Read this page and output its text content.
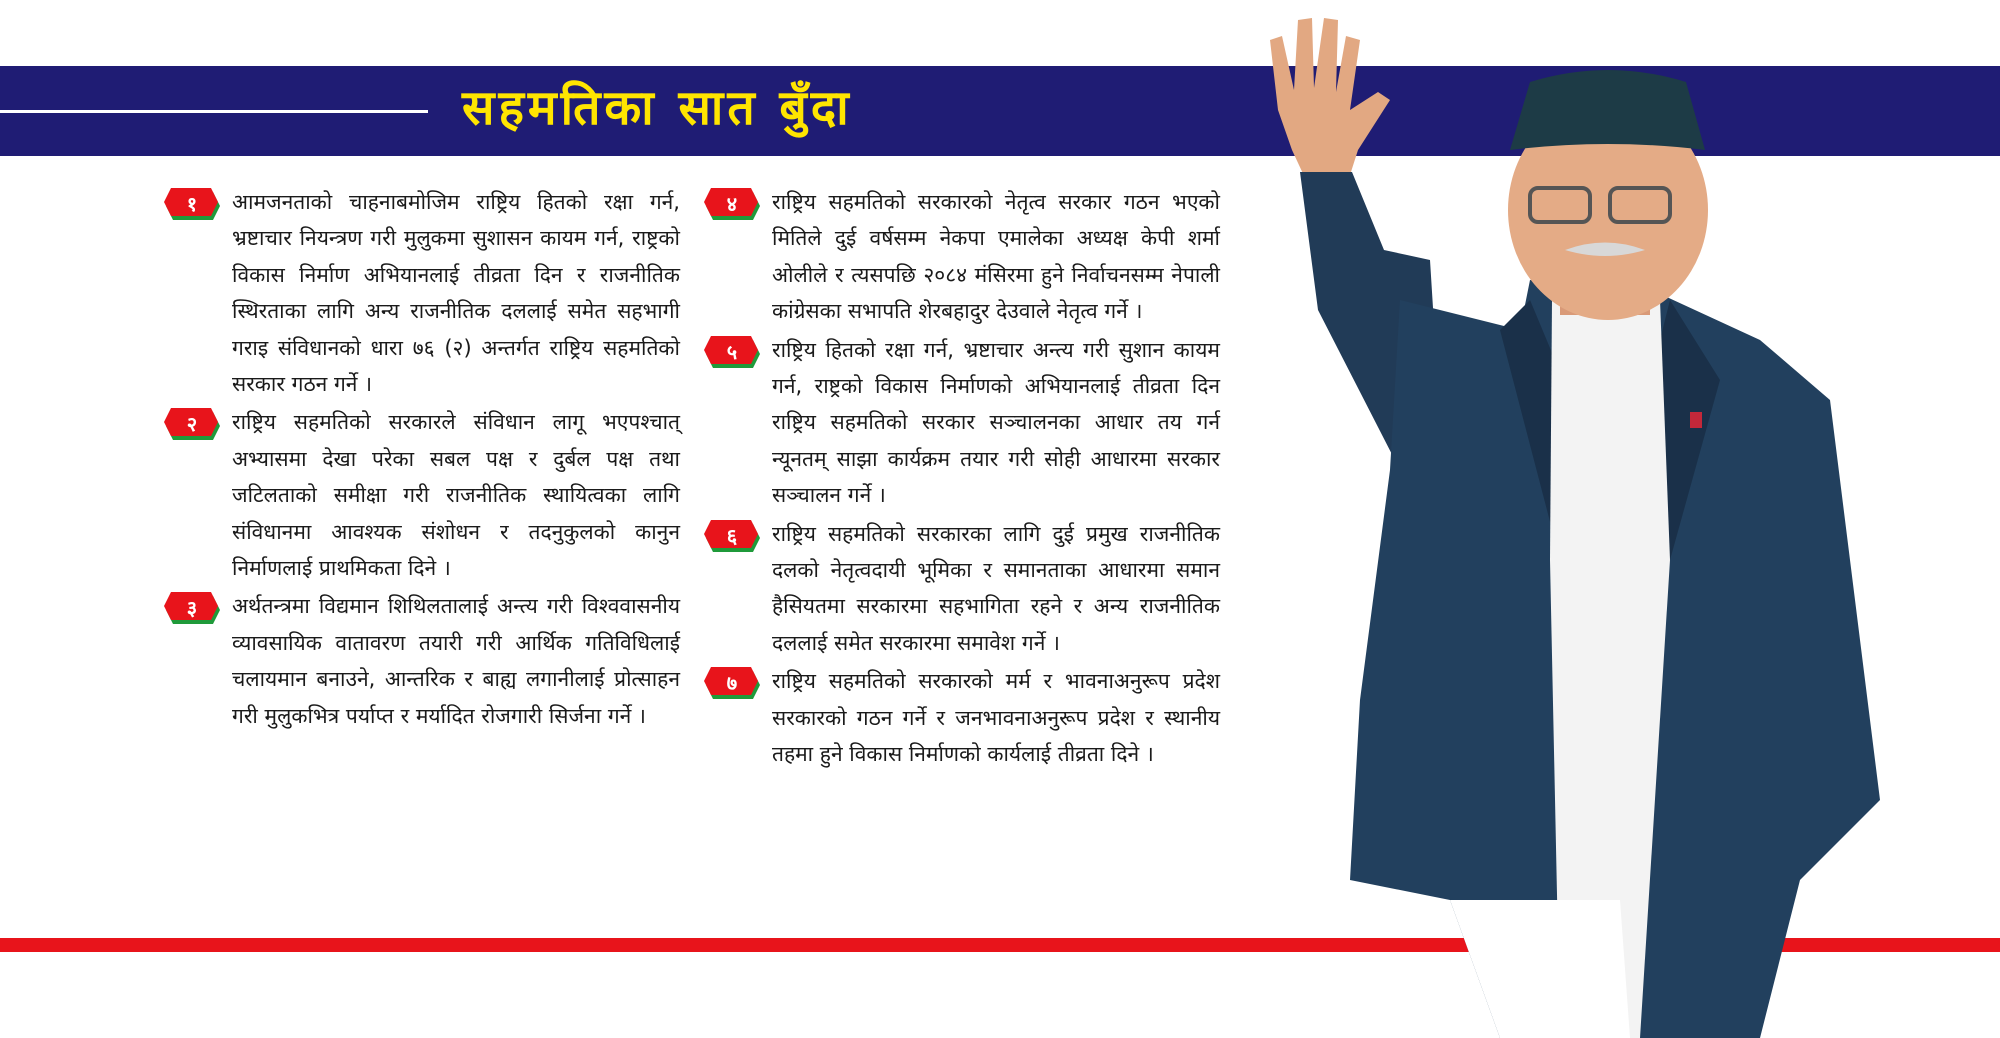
सहमतिका सात बुँदा
१	आमजनताको चाहनाबमोजिम राष्ट्रिय हितको रक्षा गर्न, भ्रष्टाचार नियन्त्रण गरी मुलुकमा सुशासन कायम गर्न, राष्ट्रको विकास निर्माण अभियानलाई तीव्रता दिन र राजनीतिक स्थिरताका लागि अन्य राजनीतिक दललाई समेत सहभागी गराइ संविधानको धारा ७६ (२) अन्तर्गत राष्ट्रिय सहमतिको सरकार गठन गर्ने ।

२	राष्ट्रिय सहमतिको सरकारले संविधान लागू भएपश्चात् अभ्यासमा देखा परेका सबल पक्ष र दुर्बल पक्ष तथा जटिलताको समीक्षा गरी राजनीतिक स्थायित्वका लागि संविधानमा आवश्यक संशोधन र तदनुकुलको कानुन निर्माणलाई प्राथमिकता दिने ।

३	अर्थतन्त्रमा विद्यमान शिथिलतालाई अन्त्य गरी विश्ववासनीय व्यावसायिक वातावरण तयारी गरी आर्थिक गतिविधिलाई चलायमान बनाउने, आन्तरिक र बाह्य लगानीलाई प्रोत्साहन गरी मुलुकभित्र पर्याप्त र मर्यादित रोजगारी सिर्जना गर्ने ।

४	राष्ट्रिय सहमतिको सरकारको नेतृत्व सरकार गठन भएको मितिले दुई वर्षसम्म नेकपा एमालेका अध्यक्ष केपी शर्मा ओलीले र त्यसपछि २०८४ मंसिरमा हुने निर्वाचनसम्म नेपाली कांग्रेसका सभापति शेरबहादुर देउवाले नेतृत्व गर्ने ।

५	राष्ट्रिय हितको रक्षा गर्न, भ्रष्टाचार अन्त्य गरी सुशान कायम गर्न, राष्ट्रको विकास निर्माणको अभियानलाई तीव्रता दिन राष्ट्रिय सहमतिको सरकार सञ्चालनका आधार तय गर्न न्यूनतम् साझा कार्यक्रम तयार गरी सोही आधारमा सरकार सञ्चालन गर्ने ।

६	राष्ट्रिय सहमतिको सरकारका लागि दुई प्रमुख राजनीतिक दलको नेतृत्वदायी भूमिका र समानताका आधारमा समान हैसियतमा सरकारमा सहभागिता रहने र अन्य राजनीतिक दललाई समेत सरकारमा समावेश गर्ने ।

७	राष्ट्रिय सहमतिको सरकारको मर्म र भावनाअनुरूप प्रदेश सरकारको गठन गर्ने र जनभावनाअनुरूप प्रदेश र स्थानीय तहमा हुने विकास निर्माणको कार्यलाई तीव्रता दिने ।
